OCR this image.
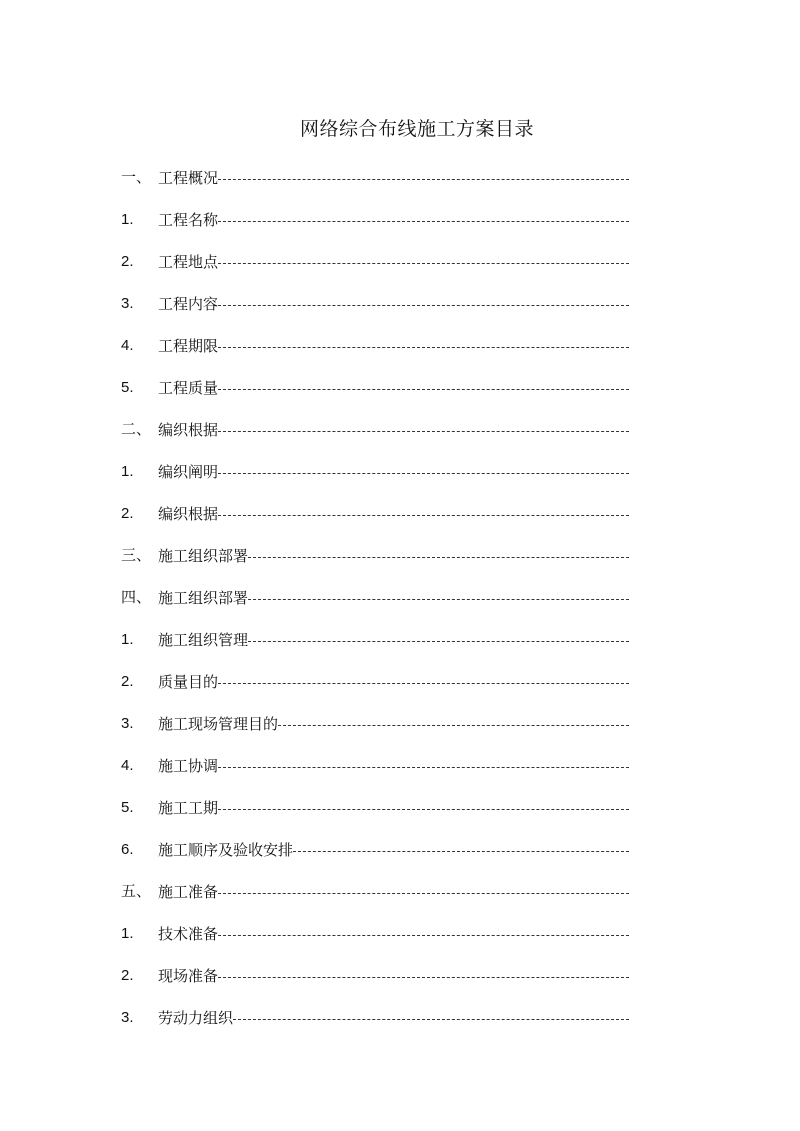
网络综合布线施工方案目录
一、 工程概况
1.	工程名称
2.	工程地点
3.	工程内容
4.	工程期限
5.	工程质量
二、 编织根据
1.	编织阐明
2.	编织根据
三、 施工组织部署
四、 施工组织部署
1.	施工组织管理
2.	质量目的
3.	施工现场管理目的
4.	施工协调
5.	施工工期
6.	施工顺序及验收安排
五、 施工准备
1.	技术准备
2.	现场准备
3.	劳动力组织
